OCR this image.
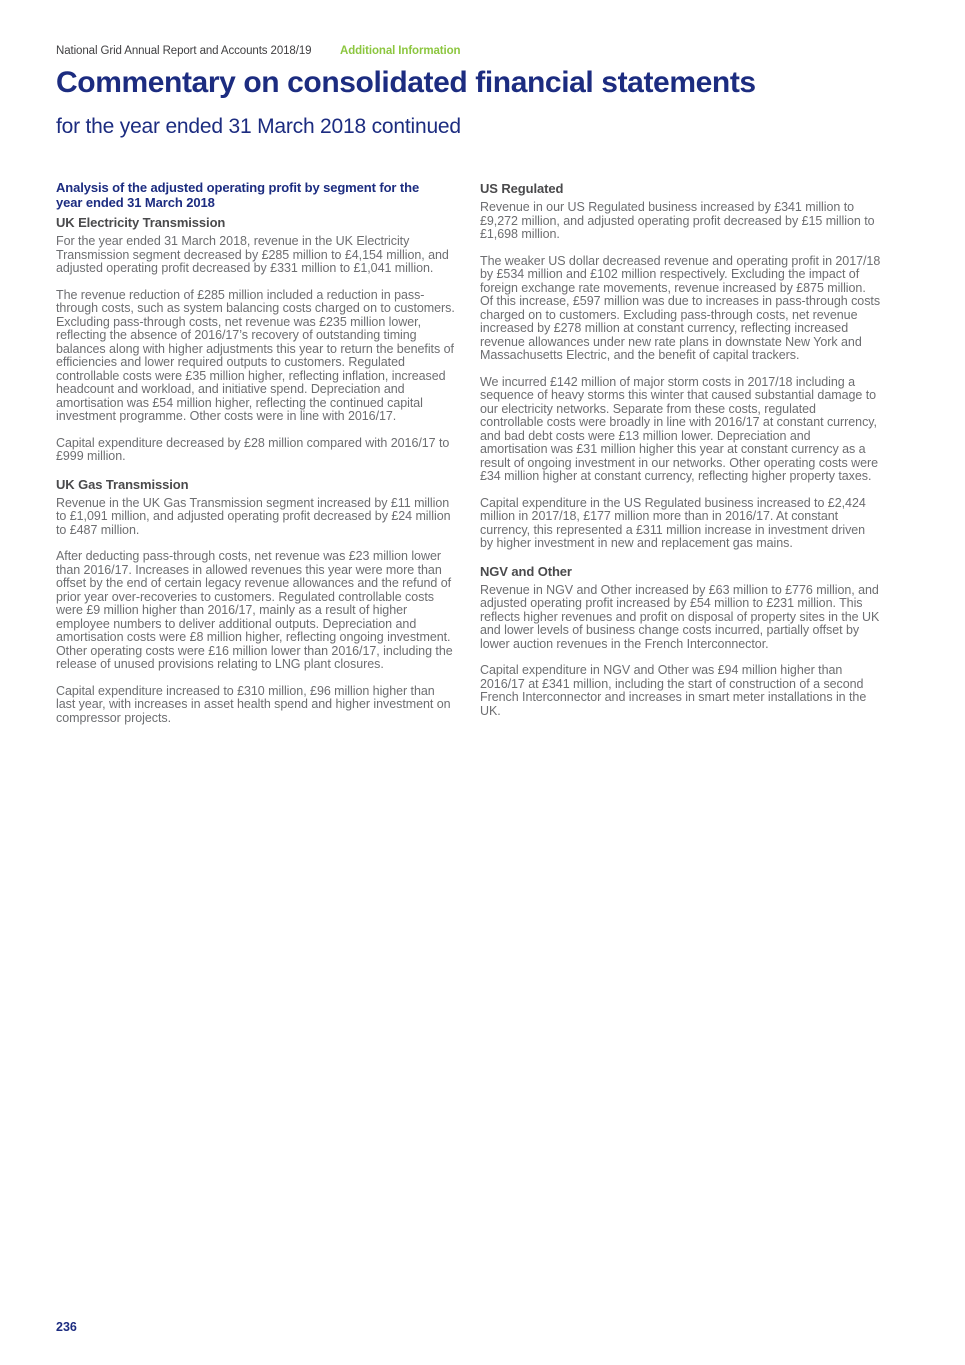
National Grid Annual Report and Accounts 2018/19 Additional Information
Commentary on consolidated financial statements
for the year ended 31 March 2018 continued
Analysis of the adjusted operating profit by segment for the year ended 31 March 2018
UK Electricity Transmission

For the year ended 31 March 2018, revenue in the UK Electricity Transmission segment decreased by £285 million to £4,154 million, and adjusted operating profit decreased by £331 million to £1,041 million.

The revenue reduction of £285 million included a reduction in pass-through costs, such as system balancing costs charged on to customers. Excluding pass-through costs, net revenue was £235 million lower, reflecting the absence of 2016/17’s recovery of outstanding timing balances along with higher adjustments this year to return the benefits of efficiencies and lower required outputs to customers. Regulated controllable costs were £35 million higher, reflecting inflation, increased headcount and workload, and initiative spend. Depreciation and amortisation was £54 million higher, reflecting the continued capital investment programme. Other costs were in line with 2016/17.

Capital expenditure decreased by £28 million compared with 2016/17 to £999 million.

UK Gas Transmission

Revenue in the UK Gas Transmission segment increased by £11 million to £1,091 million, and adjusted operating profit decreased by £24 million to £487 million.

After deducting pass-through costs, net revenue was £23 million lower than 2016/17. Increases in allowed revenues this year were more than offset by the end of certain legacy revenue allowances and the refund of prior year over-recoveries to customers. Regulated controllable costs were £9 million higher than 2016/17, mainly as a result of higher employee numbers to deliver additional outputs. Depreciation and amortisation costs were £8 million higher, reflecting ongoing investment. Other operating costs were £16 million lower than 2016/17, including the release of unused provisions relating to LNG plant closures.

Capital expenditure increased to £310 million, £96 million higher than last year, with increases in asset health spend and higher investment on compressor projects.

US Regulated

Revenue in our US Regulated business increased by £341 million to £9,272 million, and adjusted operating profit decreased by £15 million to £1,698 million.

The weaker US dollar decreased revenue and operating profit in 2017/18 by £534 million and £102 million respectively. Excluding the impact of foreign exchange rate movements, revenue increased by £875 million. Of this increase, £597 million was due to increases in pass-through costs charged on to customers. Excluding pass-through costs, net revenue increased by £278 million at constant currency, reflecting increased revenue allowances under new rate plans in downstate New York and Massachusetts Electric, and the benefit of capital trackers.

We incurred £142 million of major storm costs in 2017/18 including a sequence of heavy storms this winter that caused substantial damage to our electricity networks. Separate from these costs, regulated controllable costs were broadly in line with 2016/17 at constant currency, and bad debt costs were £13 million lower. Depreciation and amortisation was £31 million higher this year at constant currency as a result of ongoing investment in our networks. Other operating costs were £34 million higher at constant currency, reflecting higher property taxes.

Capital expenditure in the US Regulated business increased to £2,424 million in 2017/18, £177 million more than in 2016/17. At constant currency, this represented a £311 million increase in investment driven by higher investment in new and replacement gas mains.

NGV and Other

Revenue in NGV and Other increased by £63 million to £776 million, and adjusted operating profit increased by £54 million to £231 million. This reflects higher revenues and profit on disposal of property sites in the UK and lower levels of business change costs incurred, partially offset by lower auction revenues in the French Interconnector.

Capital expenditure in NGV and Other was £94 million higher than 2016/17 at £341 million, including the start of construction of a second French Interconnector and increases in smart meter installations in the UK.

236
